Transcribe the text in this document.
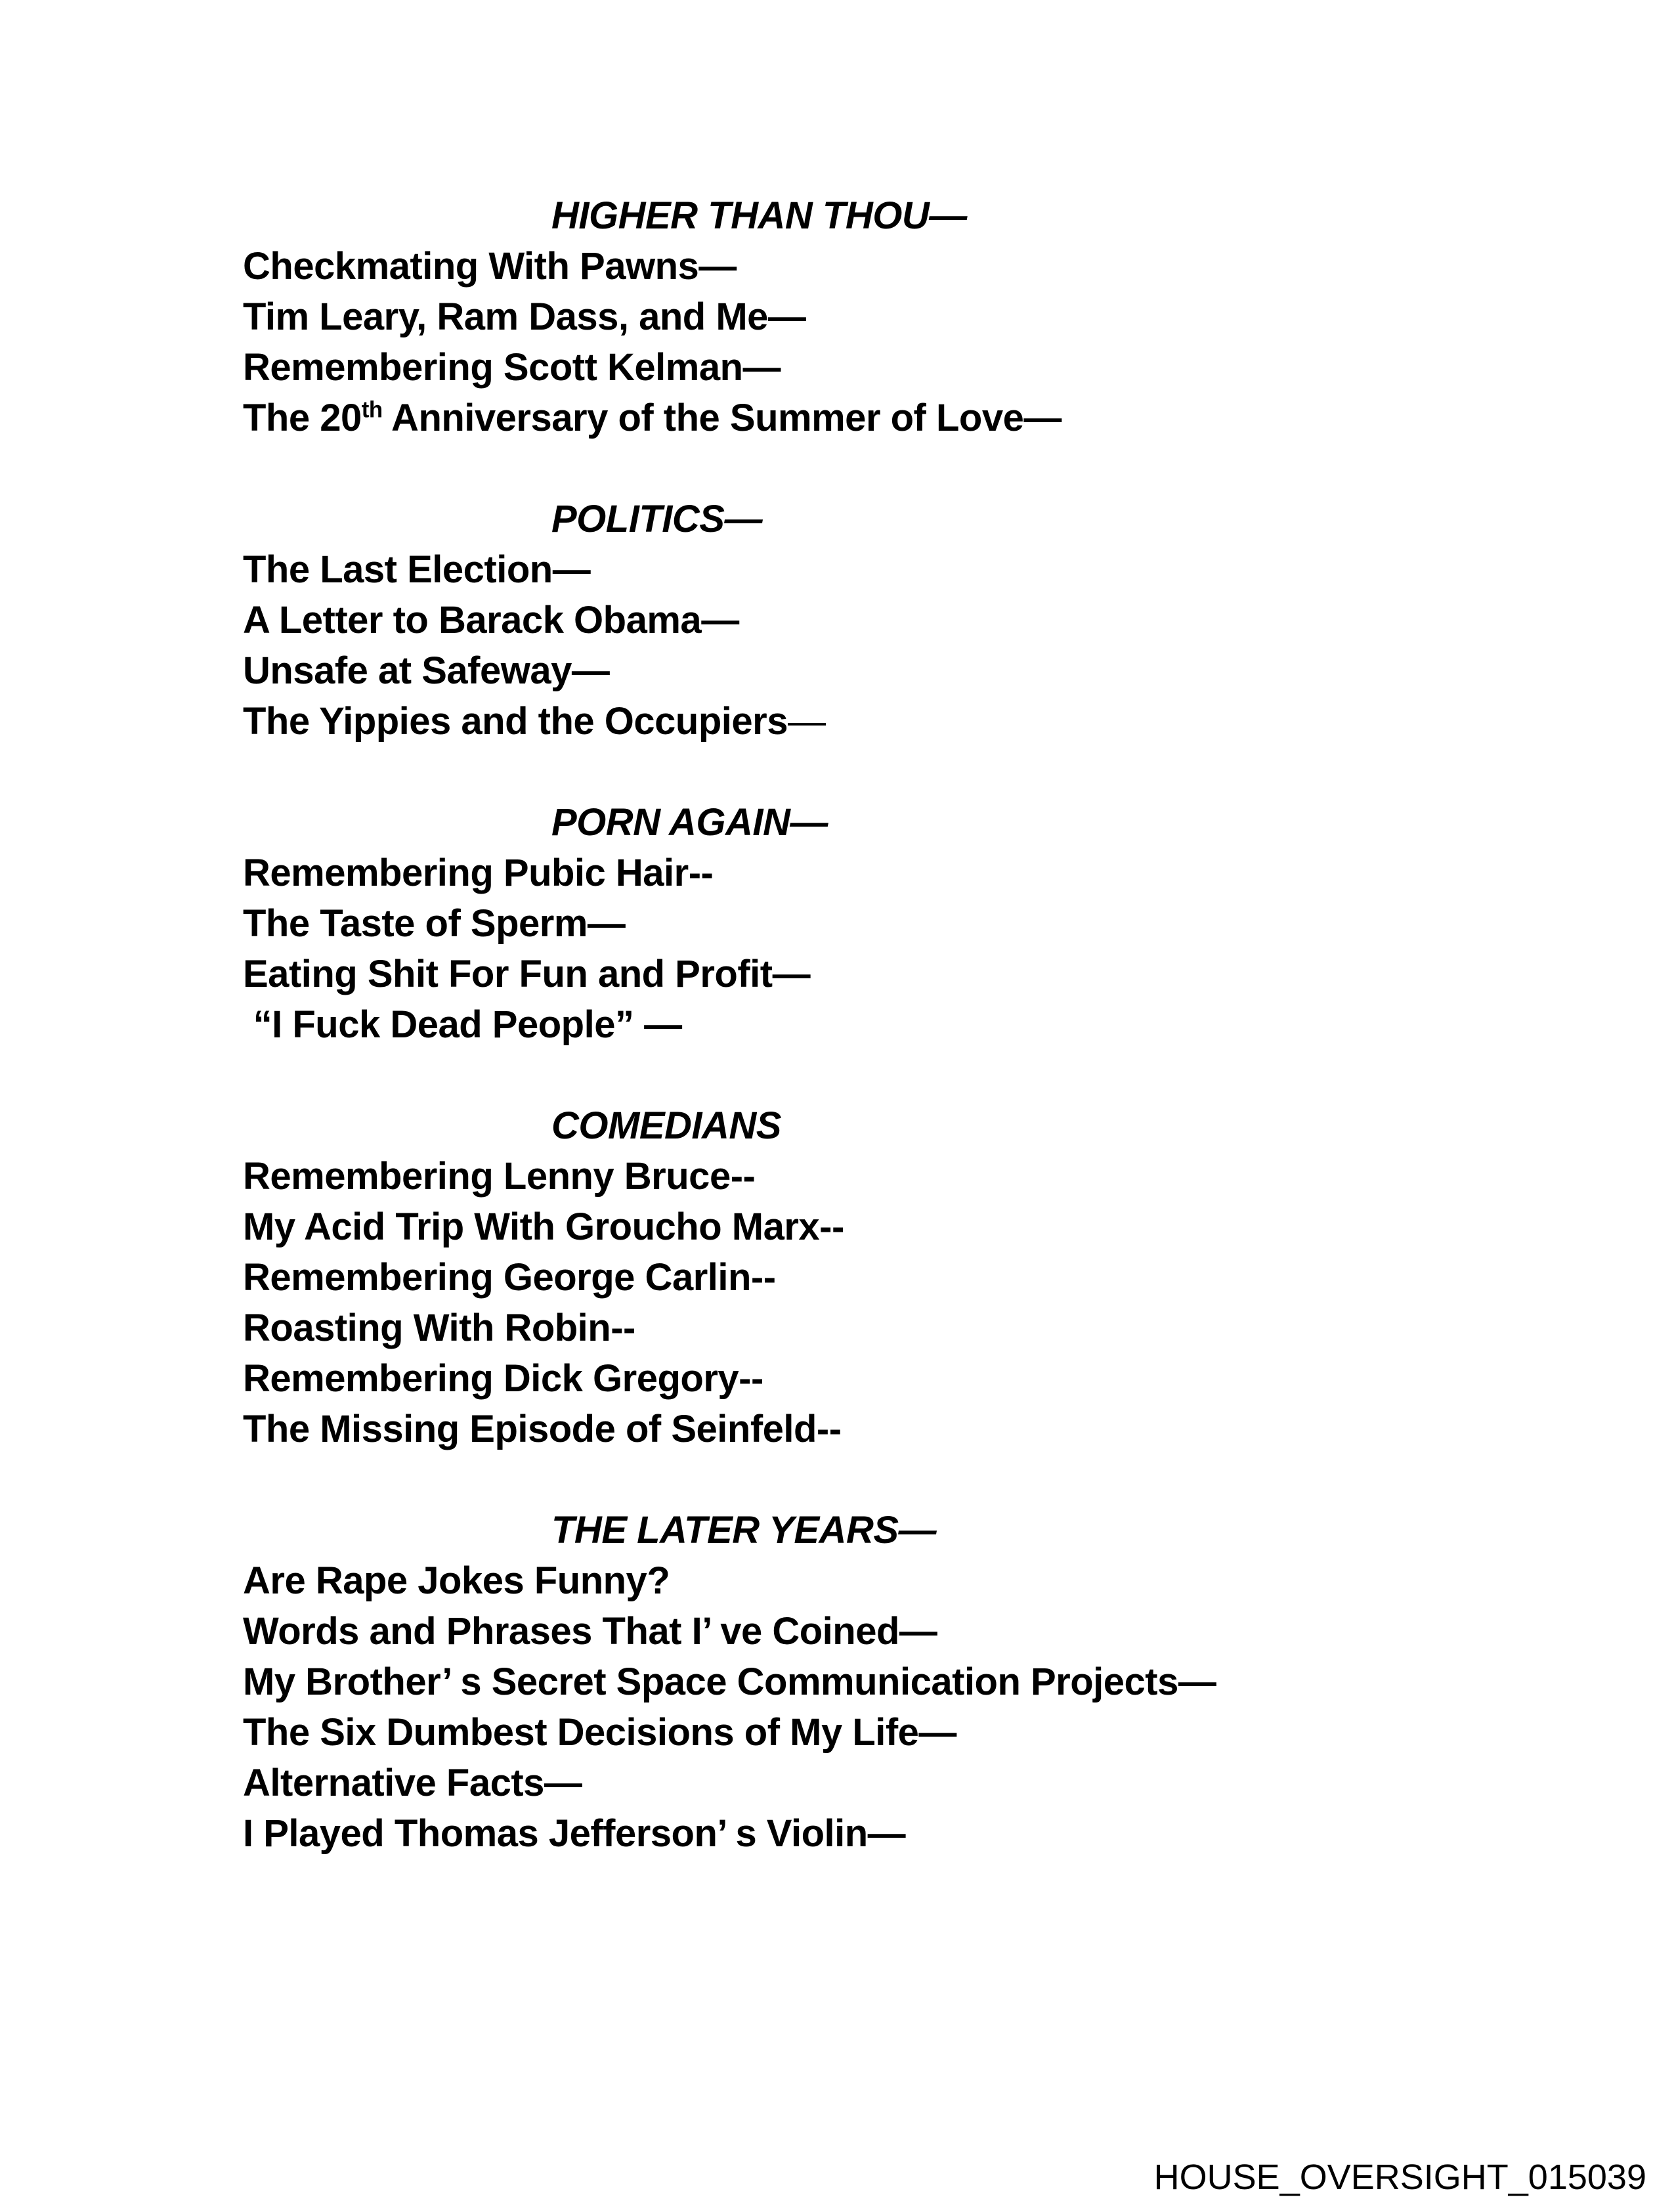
HIGHER THAN THOU—

Checkmating With Pawns—

Tim Leary, Ram Dass, and Me—

Remembering Scott Kelman—

The 20th Anniversary of the Summer of Love—

POLITICS—

The Last Election—

A Letter to Barack Obama—

Unsafe at Safeway—

The Yippies and the Occupiers—

PORN AGAIN—

Remembering Pubic Hair--

The Taste of Sperm—

Eating Shit For Fun and Profit—

“I Fuck Dead People” —

COMEDIANS

Remembering Lenny Bruce--

My Acid Trip With Groucho Marx--

Remembering George Carlin--

Roasting With Robin--

Remembering Dick Gregory--

The Missing Episode of Seinfeld--

THE LATER YEARS—

Are Rape Jokes Funny?

Words and Phrases That I’ ve Coined—

My Brother’ s Secret Space Communication Projects—

The Six Dumbest Decisions of My Life—

Alternative Facts—

I Played Thomas Jefferson’ s Violin—

HOUSE_OVERSIGHT_015039
